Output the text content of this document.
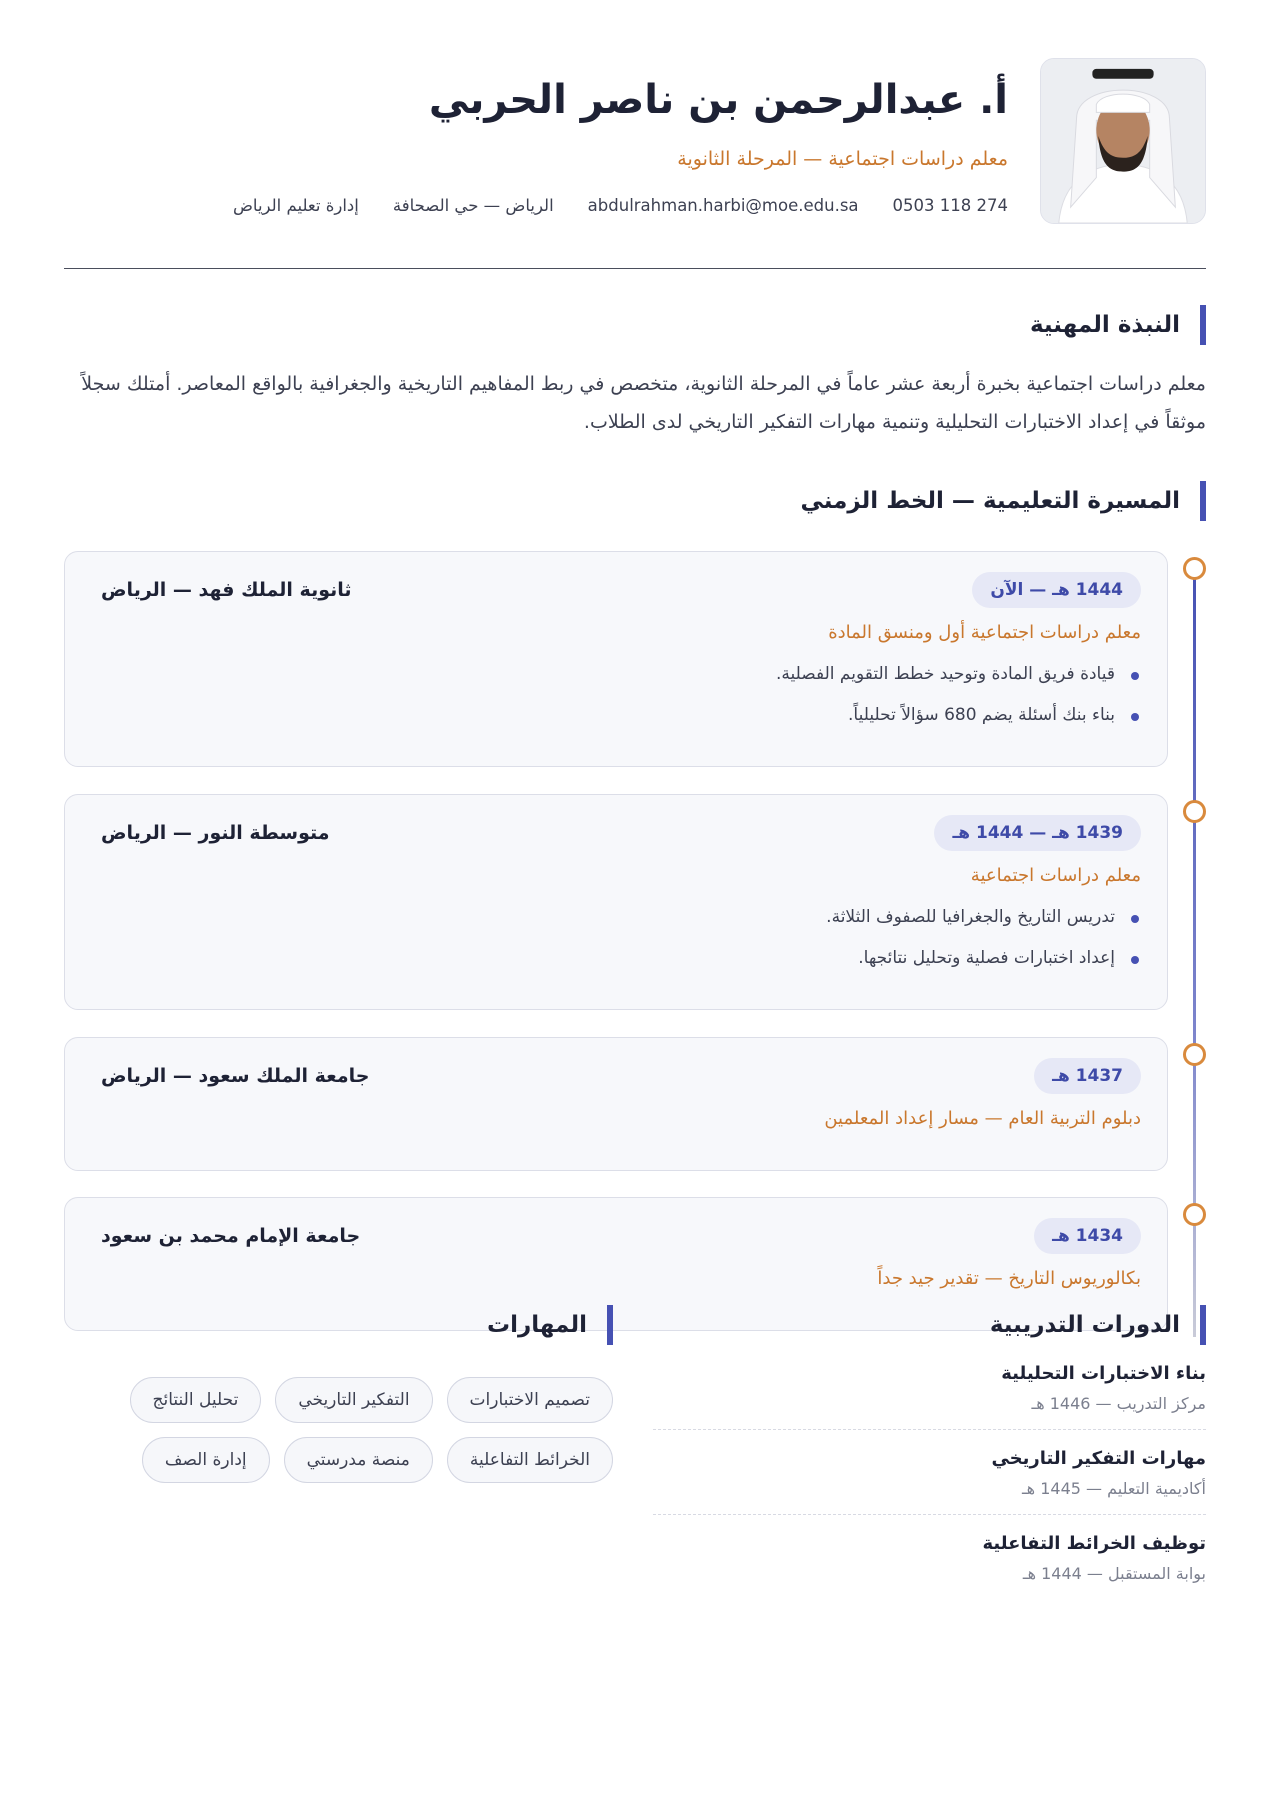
أ. عبدالرحمن بن ناصر الحربي
معلم دراسات اجتماعية — المرحلة الثانوية
0503 118 274
abdulrahman.harbi@moe.edu.sa
الرياض — حي الصحافة
إدارة تعليم الرياض
النبذة المهنية

معلم دراسات اجتماعية بخبرة أربعة عشر عاماً في المرحلة الثانوية، متخصص في ربط المفاهيم التاريخية والجغرافية بالواقع المعاصر. أمتلك سجلاً موثقاً في إعداد الاختبارات التحليلية وتنمية مهارات التفكير التاريخي لدى الطلاب.

المسيرة التعليمية — الخط الزمني
1444 هـ — الآن
ثانوية الملك فهد — الرياض
معلم دراسات اجتماعية أول ومنسق المادة
قيادة فريق المادة وتوحيد خطط التقويم الفصلية.
بناء بنك أسئلة يضم 680 سؤالاً تحليلياً.
1439 هـ — 1444 هـ
متوسطة النور — الرياض
معلم دراسات اجتماعية
تدريس التاريخ والجغرافيا للصفوف الثلاثة.
إعداد اختبارات فصلية وتحليل نتائجها.
1437 هـ
جامعة الملك سعود — الرياض
دبلوم التربية العام — مسار إعداد المعلمين
1434 هـ
جامعة الإمام محمد بن سعود
بكالوريوس التاريخ — تقدير جيد جداً
الدورات التدريبية
بناء الاختبارات التحليلية
مركز التدريب — 1446 هـ
مهارات التفكير التاريخي
أكاديمية التعليم — 1445 هـ
توظيف الخرائط التفاعلية
بوابة المستقبل — 1444 هـ
المهارات
تصميم الاختبارات
التفكير التاريخي
تحليل النتائج
الخرائط التفاعلية
منصة مدرستي
إدارة الصف
